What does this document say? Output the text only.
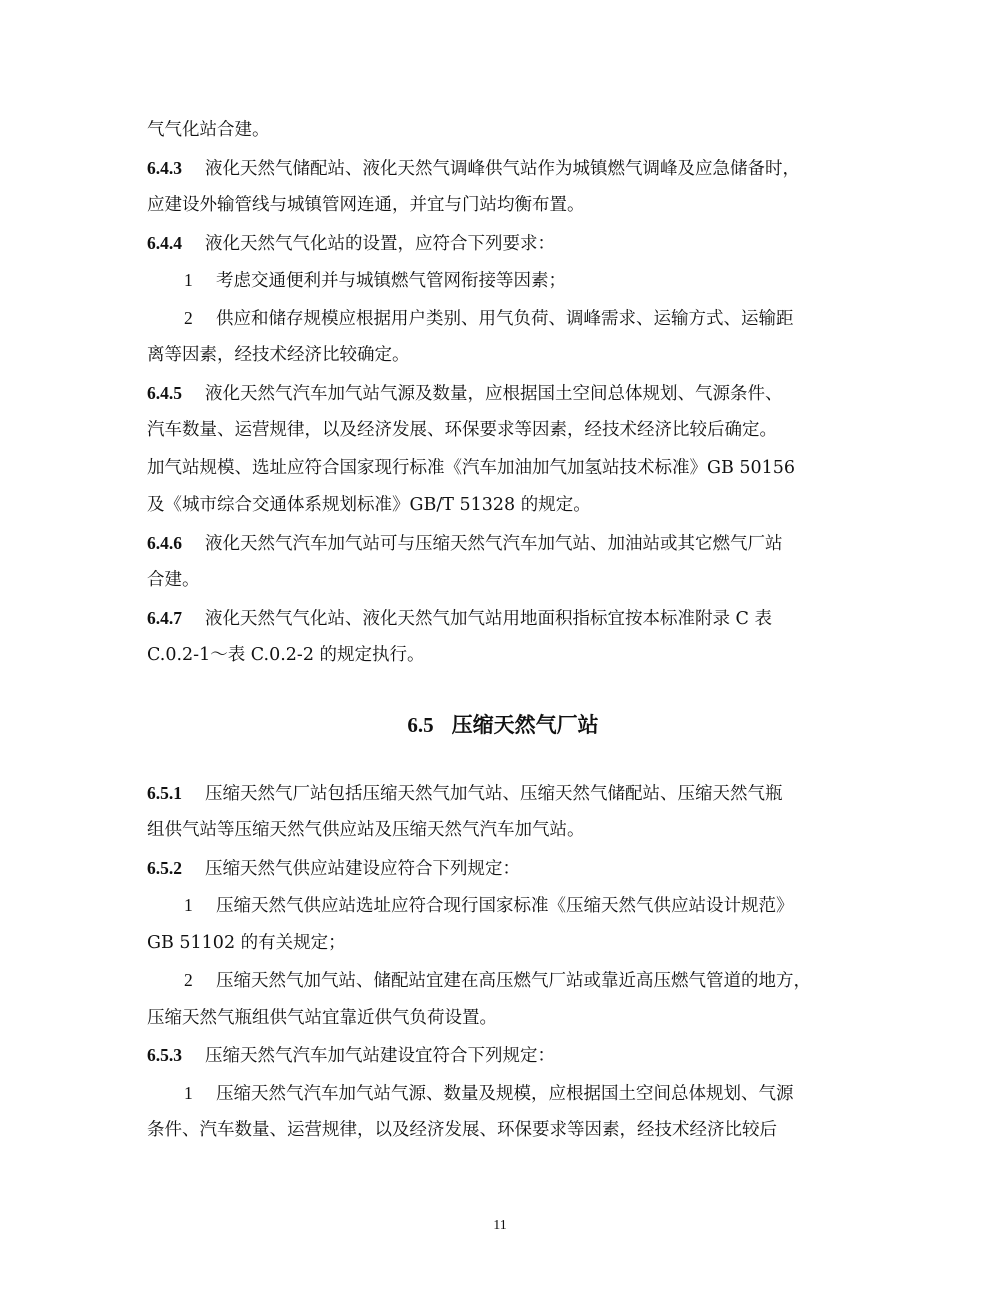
气气化站合建。
6.4.3 液化天然气储配站、液化天然气调峰供气站作为城镇燃气调峰及应急储备时，
应建设外输管线与城镇管网连通，并宜与门站均衡布置。
6.4.4 液化天然气气化站的设置，应符合下列要求：
1 考虑交通便利并与城镇燃气管网衔接等因素；
2 供应和储存规模应根据用户类别、用气负荷、调峰需求、运输方式、运输距
离等因素，经技术经济比较确定。
6.4.5 液化天然气汽车加气站气源及数量，应根据国土空间总体规划、气源条件、
汽车数量、运营规律，以及经济发展、环保要求等因素，经技术经济比较后确定。
加气站规模、选址应符合国家现行标准《汽车加油加气加氢站技术标准》GB 50156
及《城市综合交通体系规划标准》GB/T 51328 的规定。
6.4.6 液化天然气汽车加气站可与压缩天然气汽车加气站、加油站或其它燃气厂站
合建。
6.4.7 液化天然气气化站、液化天然气加气站用地面积指标宜按本标准附录 C 表
C.0.2-1～表 C.0.2-2 的规定执行。
6.5 压缩天然气厂站
6.5.1 压缩天然气厂站包括压缩天然气加气站、压缩天然气储配站、压缩天然气瓶
组供气站等压缩天然气供应站及压缩天然气汽车加气站。
6.5.2 压缩天然气供应站建设应符合下列规定：
1 压缩天然气供应站选址应符合现行国家标准《压缩天然气供应站设计规范》
GB 51102 的有关规定；
2 压缩天然气加气站、储配站宜建在高压燃气厂站或靠近高压燃气管道的地方，
压缩天然气瓶组供气站宜靠近供气负荷设置。
6.5.3 压缩天然气汽车加气站建设宜符合下列规定：
1 压缩天然气汽车加气站气源、数量及规模，应根据国土空间总体规划、气源
条件、汽车数量、运营规律，以及经济发展、环保要求等因素，经技术经济比较后
11
